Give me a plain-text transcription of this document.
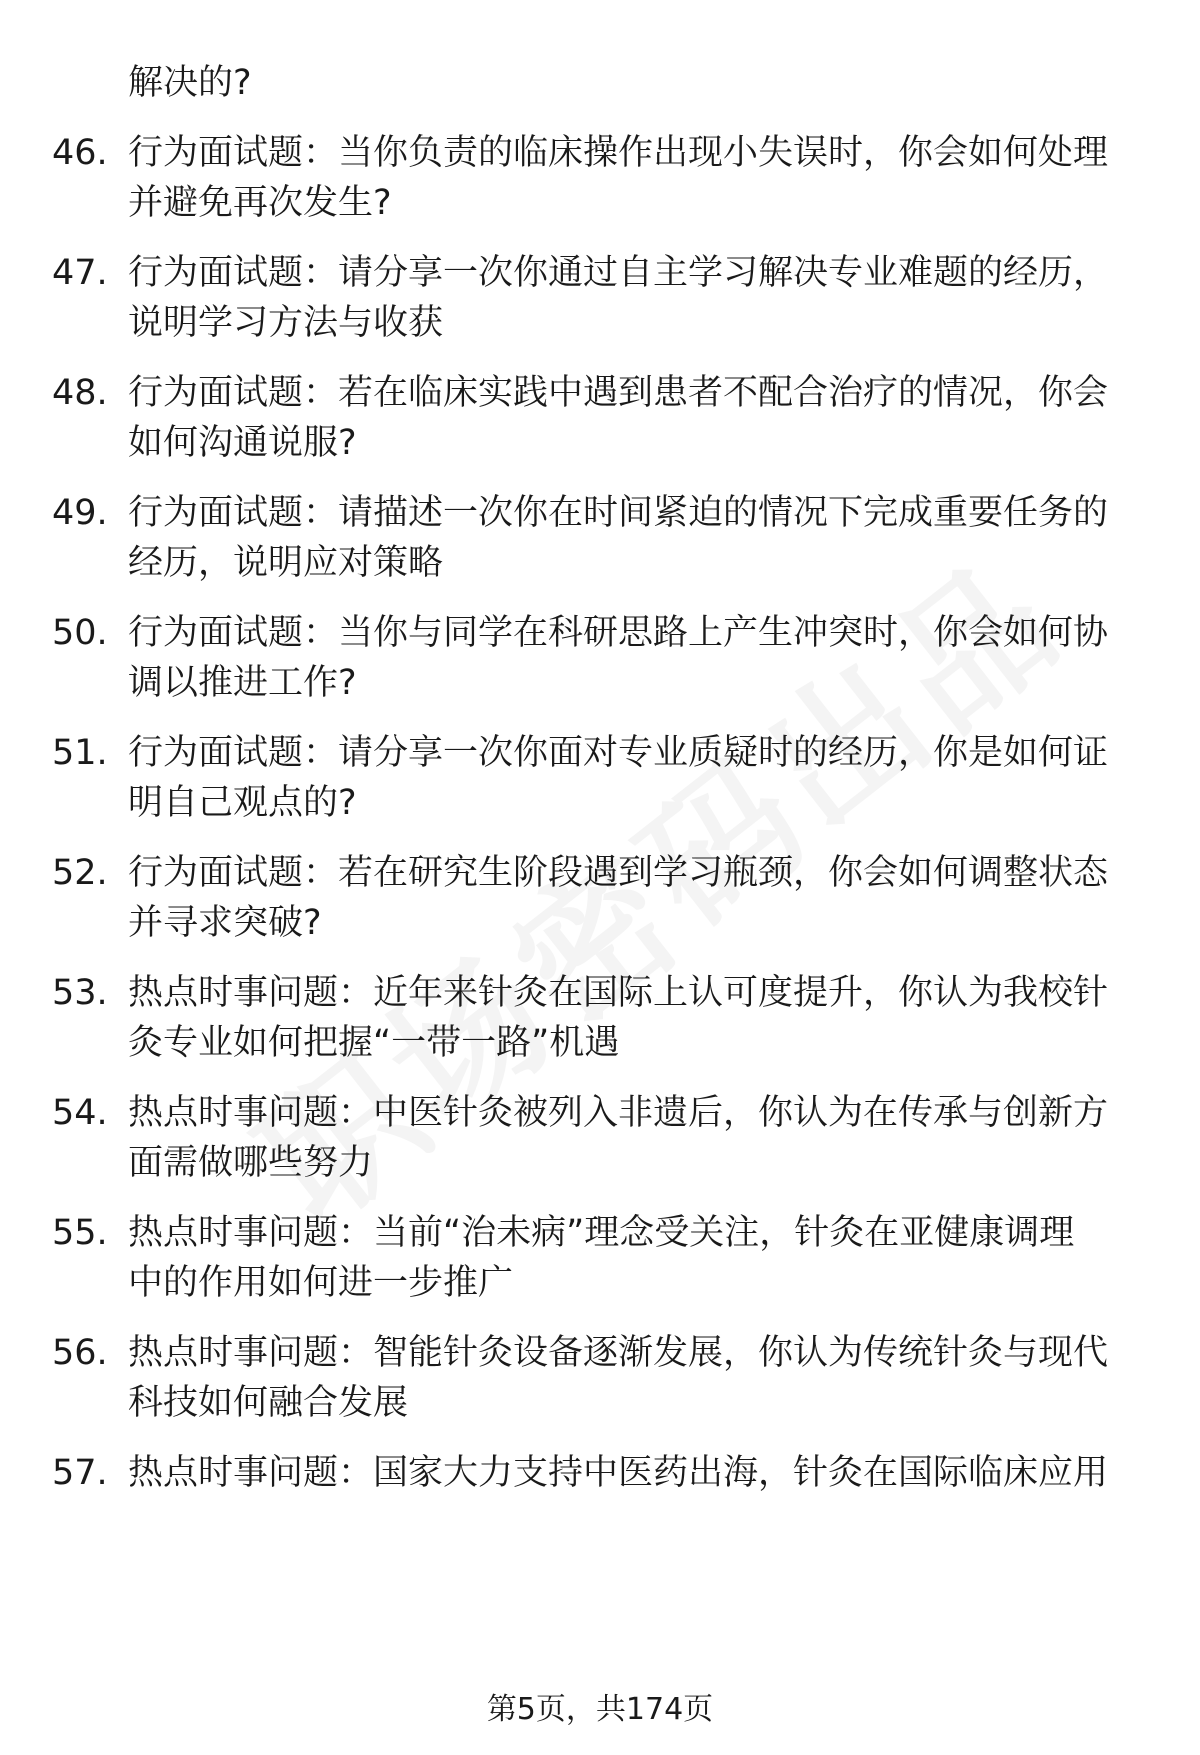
解决的?

46. 行为面试题：当你负责的临床操作出现小失误时，你会如何处理
并避免再次发生?
47. 行为面试题：请分享一次你通过自主学习解决专业难题的经历，
说明学习方法与收获
48. 行为面试题：若在临床实践中遇到患者不配合治疗的情况，你会
如何沟通说服?
49. 行为面试题：请描述一次你在时间紧迫的情况下完成重要任务的
经历，说明应对策略
50. 行为面试题：当你与同学在科研思路上产生冲突时，你会如何协
调以推进工作?
51. 行为面试题：请分享一次你面对专业质疑时的经历，你是如何证
明自己观点的?
52. 行为面试题：若在研究生阶段遇到学习瓶颈，你会如何调整状态
并寻求突破?
53. 热点时事问题：近年来针灸在国际上认可度提升，你认为我校针
灸专业如何把握“一带一路”机遇
54. 热点时事问题：中医针灸被列入非遗后，你认为在传承与创新方
面需做哪些努力
55. 热点时事问题：当前“治未病”理念受关注，针灸在亚健康调理
中的作用如何进一步推广
56. 热点时事问题：智能针灸设备逐渐发展，你认为传统针灸与现代
科技如何融合发展
57. 热点时事问题：国家大力支持中医药出海，针灸在国际临床应用
第5页，共174页
